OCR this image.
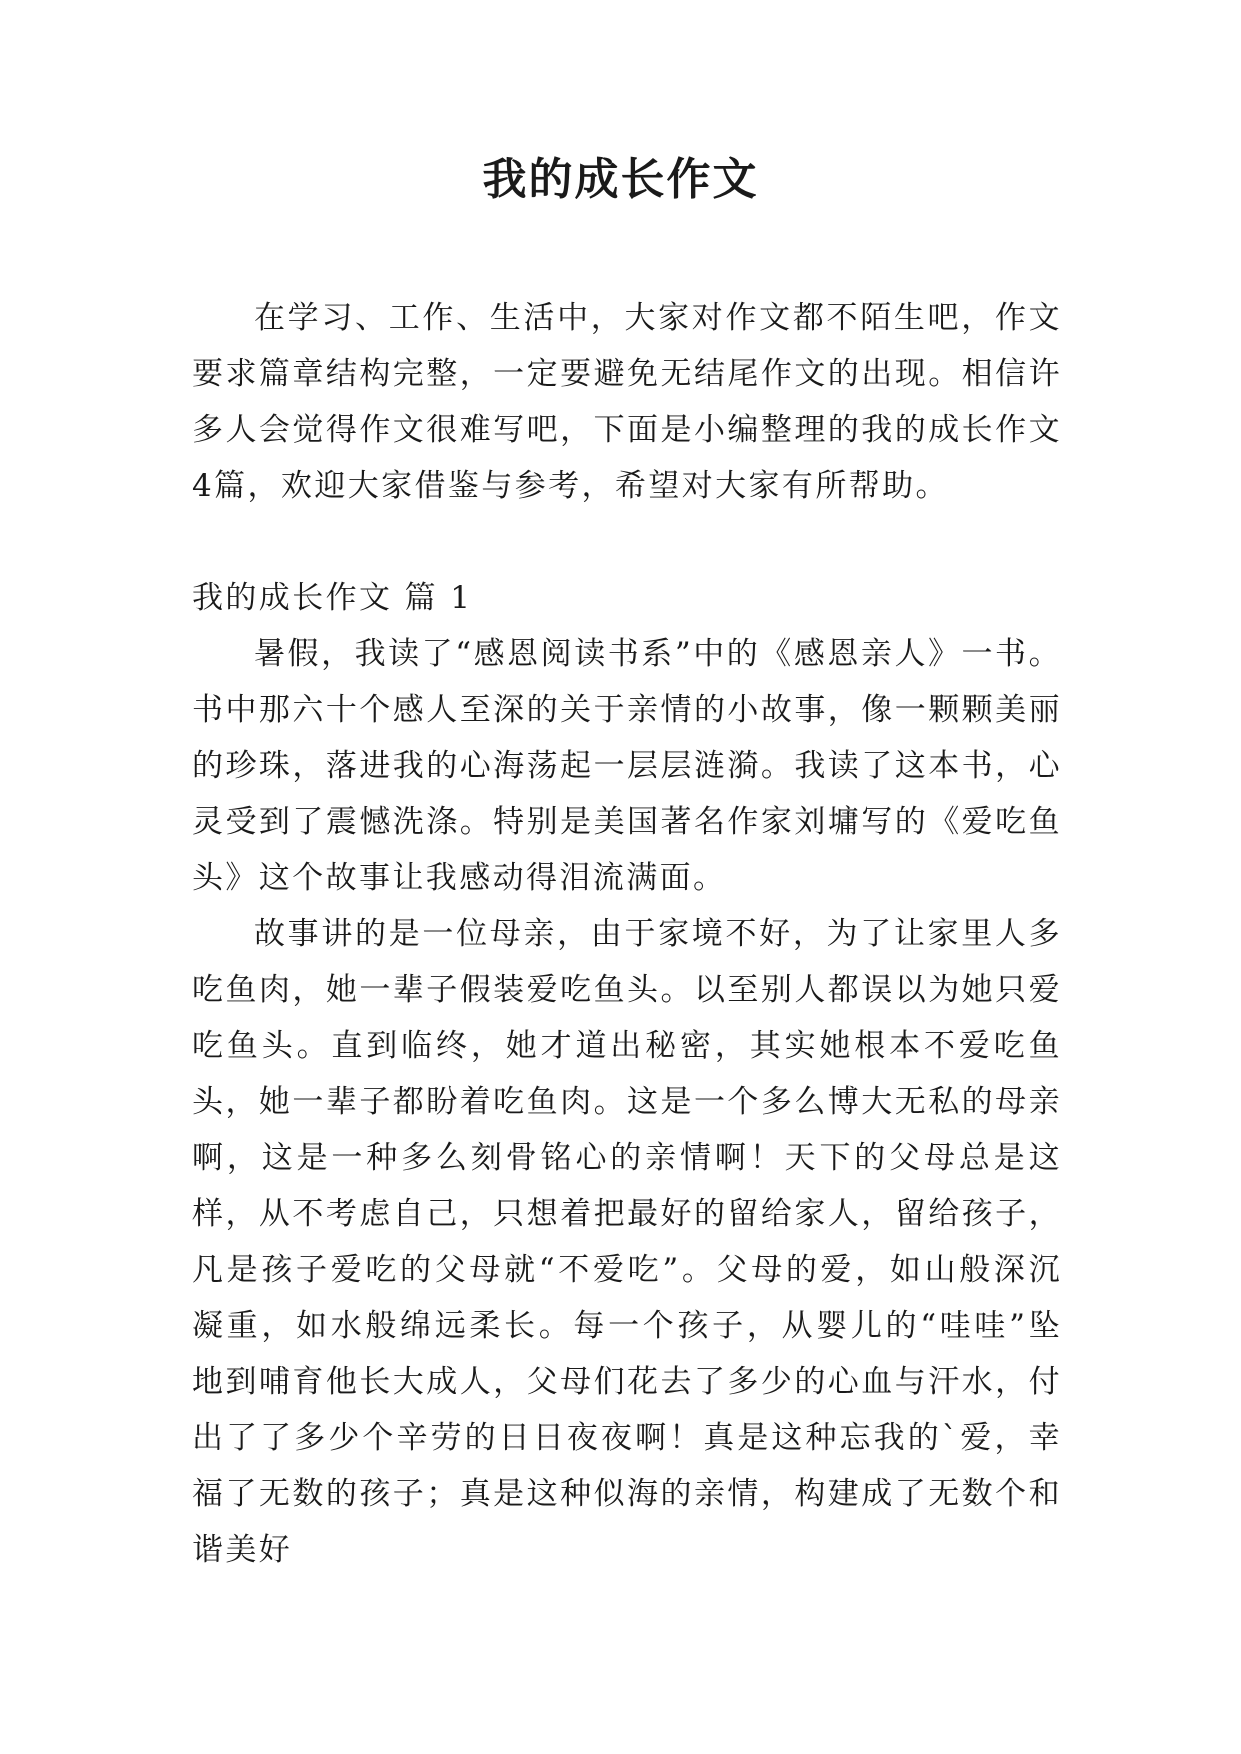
我的成长作文

在学习、工作、生活中，大家对作文都不陌生吧，作文要求篇章结构完整，一定要避免无结尾作文的出现。相信许多人会觉得作文很难写吧，下面是小编整理的我的成长作文4篇，欢迎大家借鉴与参考，希望对大家有所帮助。

我的成长作文 篇 1

暑假，我读了“感恩阅读书系”中的《感恩亲人》一书。书中那六十个感人至深的关于亲情的小故事，像一颗颗美丽的珍珠，落进我的心海荡起一层层涟漪。我读了这本书，心灵受到了震憾洗涤。特别是美国著名作家刘墉写的《爱吃鱼头》这个故事让我感动得泪流满面。

故事讲的是一位母亲，由于家境不好，为了让家里人多吃鱼肉，她一辈子假装爱吃鱼头。以至别人都误以为她只爱吃鱼头。直到临终，她才道出秘密，其实她根本不爱吃鱼头，她一辈子都盼着吃鱼肉。这是一个多么博大无私的母亲啊，这是一种多么刻骨铭心的亲情啊！天下的父母总是这样，从不考虑自己，只想着把最好的留给家人，留给孩子，凡是孩子爱吃的父母就“不爱吃”。父母的爱，如山般深沉凝重，如水般绵远柔长。每一个孩子，从婴儿的“哇哇”坠地到哺育他长大成人，父母们花去了多少的心血与汗水，付出了了多少个辛劳的日日夜夜啊！真是这种忘我的`爱，幸福了无数的孩子；真是这种似海的亲情，构建成了无数个和谐美好
